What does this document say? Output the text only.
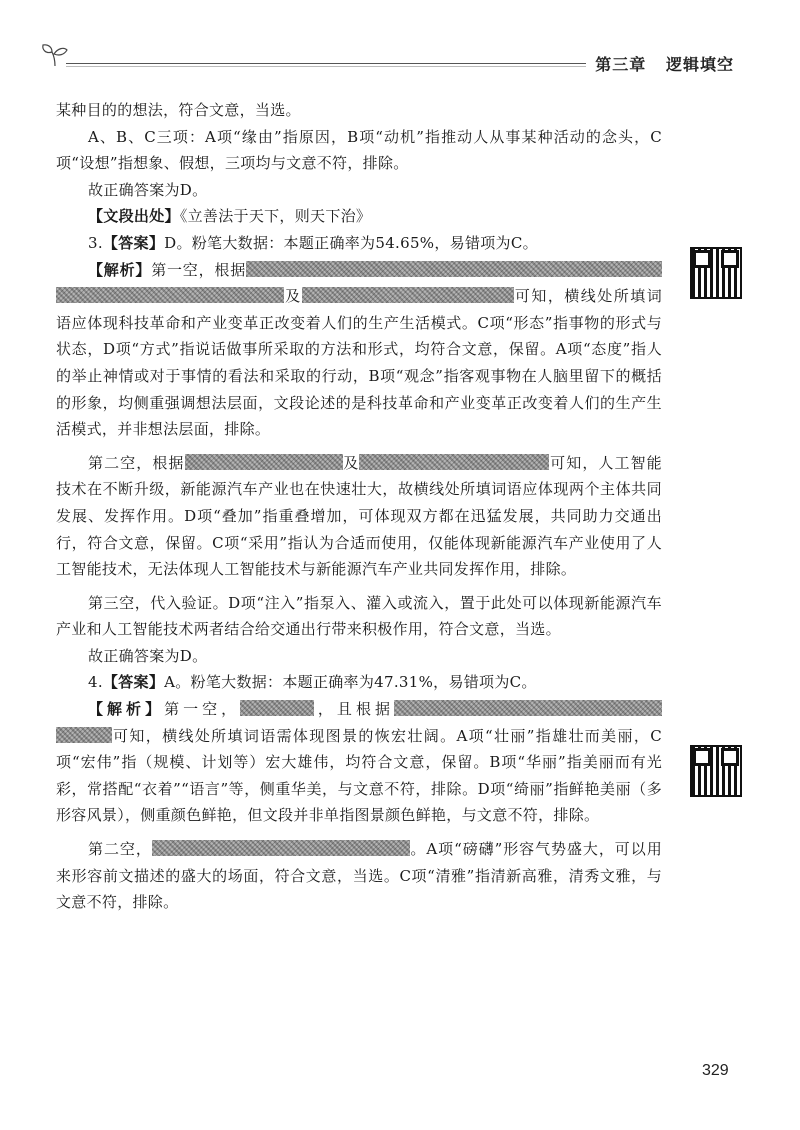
第三章   逻辑填空

某种目的的想法，符合文意，当选。

A、B、C三项：A项“缘由”指原因，B项“动机”指推动人从事某种活动的念头，C项“设想”指想象、假想，三项均与文意不符，排除。

故正确答案为D。

【文段出处】《立善法于天下，则天下治》

3.【答案】D。粉笔大数据：本题正确率为54.65%，易错项为C。

【解析】第一空，根据及	可知，横线处所填词语应体现科技革命和产业变革正改变着人们的生产生活模式。C项“形态”指事物的形式与状态，D项“方式”指说话做事所采取的方法和形式，均符合文意，保留。A项“态度”指人的举止神情或对于事情的看法和采取的行动，B项“观念”指客观事物在人脑里留下的概括的形象，均侧重强调想法层面，文段论述的是科技革命和产业变革正改变着人们的生产生活模式，并非想法层面，排除。

第二空，根据	及	可知，人工智能技术在不断升级，新能源汽车产业也在快速壮大，故横线处所填词语应体现两个主体共同发展、发挥作用。D项“叠加”指重叠增加，可体现双方都在迅猛发展，共同助力交通出行，符合文意，保留。C项“采用”指认为合适而使用，仅能体现新能源汽车产业使用了人工智能技术，无法体现人工智能技术与新能源汽车产业共同发挥作用，排除。

第三空，代入验证。D项“注入”指泵入、灌入或流入，置于此处可以体现新能源汽车产业和人工智能技术两者结合给交通出行带来积极作用，符合文意，当选。

故正确答案为D。

4.【答案】A。粉笔大数据：本题正确率为47.31%，易错项为C。

【解析】第一空，	，且根据可知，横线处所填词语需体现图景的恢宏壮阔。A项“壮丽”指雄壮而美丽，C项“宏伟”指（规模、计划等）宏大雄伟，均符合文意，保留。B项“华丽”指美丽而有光彩，常搭配“衣着”“语言”等，侧重华美，与文意不符，排除。D项“绮丽”指鲜艳美丽（多形容风景），侧重颜色鲜艳，但文段并非单指图景颜色鲜艳，与文意不符，排除。

第二空，	。A项“磅礴”形容气势盛大，可以用来形容前文描述的盛大的场面，符合文意，当选。C项“清雅”指清新高雅，清秀文雅，与文意不符，排除。

329
